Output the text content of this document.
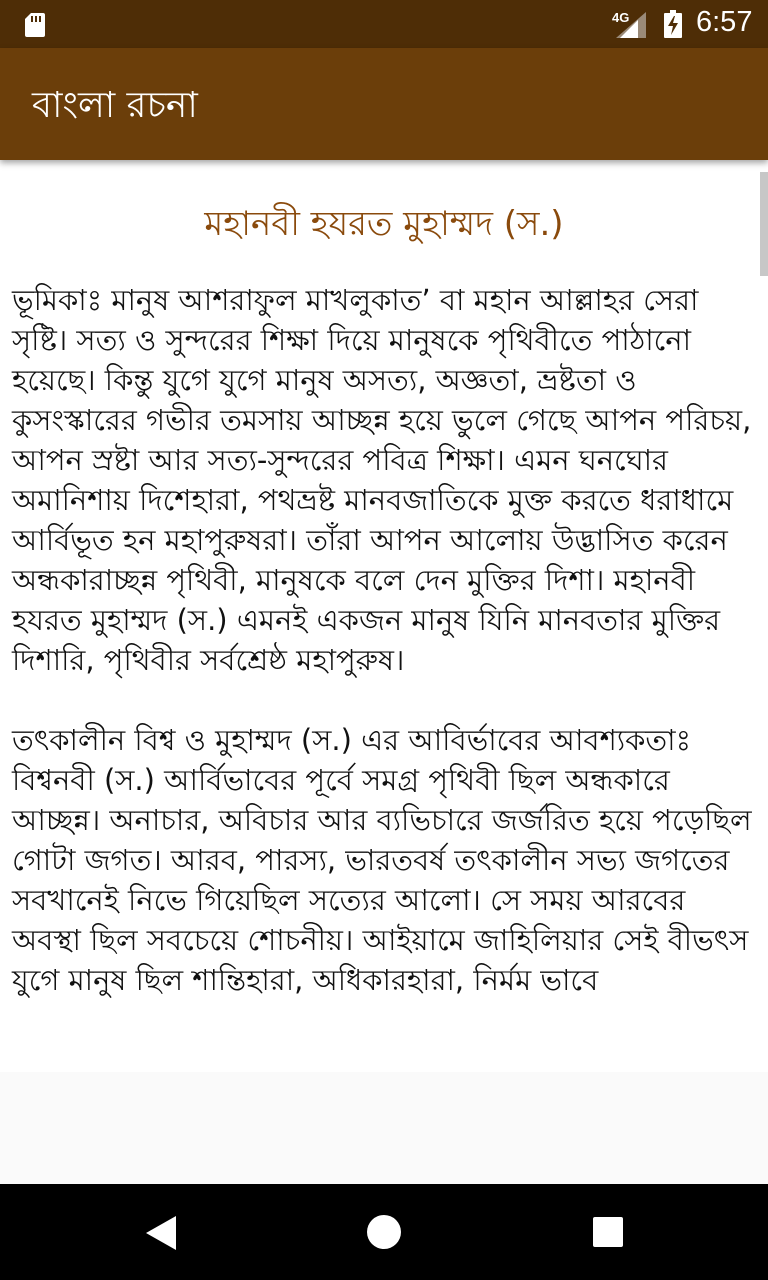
4G 6:57
বাংলা রচনা
মহানবী হযরত মুহাম্মদ (স.)
ভূমিকাঃ মানুষ আশরাফুল মাখলুকাত’ বা মহান আল্লাহর সেরা সৃষ্টি। সত্য ও সুন্দরের শিক্ষা দিয়ে মানুষকে পৃথিবীতে পাঠানো হয়েছে। কিন্তু যুগে যুগে মানুষ অসত্য, অজ্ঞতা, ভ্রষ্টতা ও কুসংস্কারের গভীর তমসায় আচ্ছন্ন হয়ে ভুলে গেছে আপন পরিচয়, আপন স্রষ্টা আর সত্য-সুন্দরের পবিত্র শিক্ষা। এমন ঘনঘোর অমানিশায় দিশেহারা, পথভ্রষ্ট মানবজাতিকে মুক্ত করতে ধরাধামে আর্বিভূত হন মহাপুরুষরা। তাঁরা আপন আলোয় উদ্ভাসিত করেন অন্ধকারাচ্ছন্ন পৃথিবী, মানুষকে বলে দেন মুক্তির দিশা। মহানবী হযরত মুহাম্মদ (স.) এমনই একজন মানুষ যিনি মানবতার মুক্তির দিশারি, পৃথিবীর সর্বশ্রেষ্ঠ মহাপুরুষ।
তৎকালীন বিশ্ব ও মুহাম্মদ (স.) এর আবির্ভাবের আবশ্যকতাঃ বিশ্বনবী (স.) আর্বিভাবের পূর্বে সমগ্র পৃথিবী ছিল অন্ধকারে আচ্ছন্ন। অনাচার, অবিচার আর ব্যভিচারে জর্জরিত হয়ে পড়েছিল গোটা জগত। আরব, পারস্য, ভারতবর্ষ তৎকালীন সভ্য জগতের সবখানেই নিভে গিয়েছিল সত্যের আলো। সে সময় আরবের অবস্থা ছিল সবচেয়ে শোচনীয়। আইয়ামে জাহিলিয়ার সেই বীভৎস যুগে মানুষ ছিল শান্তিহারা, অধিকারহারা, নির্মম ভাবে
